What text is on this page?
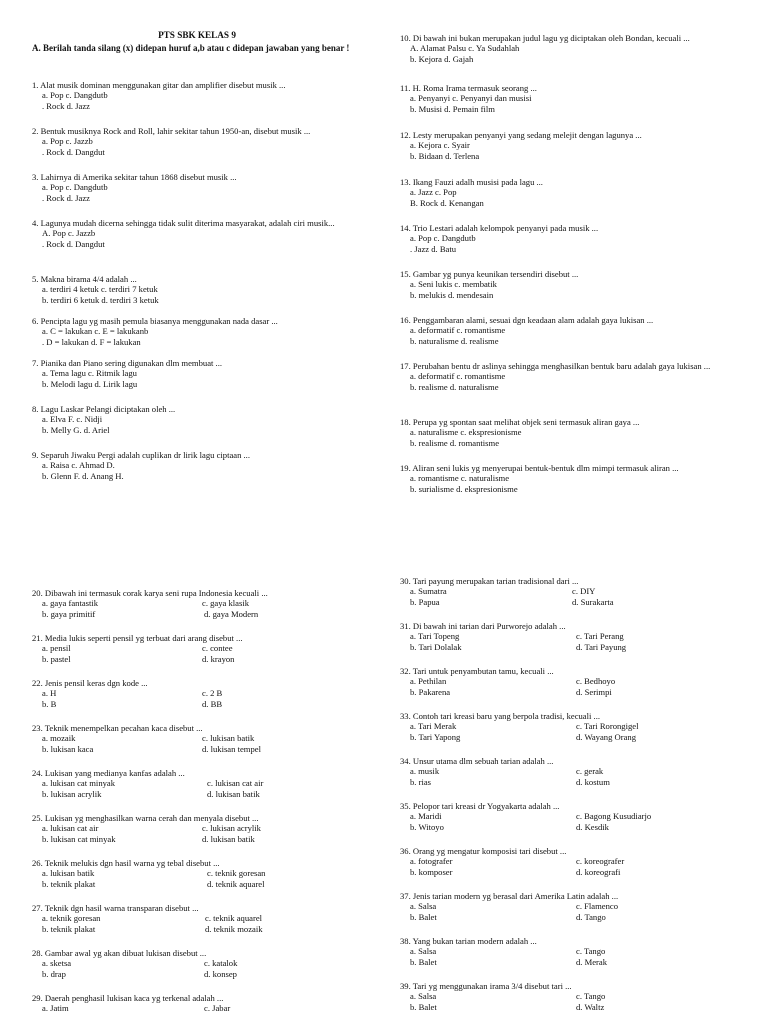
PTS SBK KELAS 9
A. Berilah tanda silang (x) didepan huruf a,b atau c didepan jawaban yang benar !
1. Alat musik dominan menggunakan gitar dan amplifier disebut musik ...
a. Pop c. Dangdutb
. Rock d. Jazz
2. Bentuk musiknya Rock and Roll, lahir sekitar tahun 1950-an, disebut musik ...
a. Pop c. Jazzb
. Rock d. Dangdut
3. Lahirnya di Amerika sekitar tahun 1868 disebut musik ...
a. Pop c. Dangdutb
. Rock d. Jazz
4. Lagunya mudah dicerna sehingga tidak sulit diterima masyarakat, adalah ciri musik...
A. Pop c. Jazzb
. Rock d. Dangdut
5. Makna birama 4/4 adalah ...
a. terdiri 4 ketuk c. terdiri 7 ketuk
b. terdiri 6 ketuk d. terdiri 3 ketuk
6. Pencipta lagu yg masih pemula biasanya menggunakan nada dasar ...
a. C = lakukan c. E = lakukanb
. D = lakukan d. F = lakukan
7. Pianika dan Piano sering digunakan dlm membuat ...
a. Tema lagu c. Ritmik lagu
b. Melodi lagu d. Lirik lagu
8. Lagu Laskar Pelangi diciptakan oleh ...
a. Elva F. c. Nidji
b. Melly G. d. Ariel
9. Separuh Jiwaku Pergi adalah cuplikan dr lirik lagu ciptaan ...
a. Raisa c. Ahmad D.
b. Glenn F. d. Anang H.
10. Di bawah ini bukan merupakan judul lagu yg diciptakan oleh Bondan, kecuali ...
A. Alamat Palsu c. Ya Sudahlah
b. Kejora d. Gajah
11. H. Roma Irama termasuk seorang ...
a. Penyanyi c. Penyanyi dan musisi
b. Musisi d. Pemain film
12. Lesty merupakan penyanyi yang sedang melejit dengan lagunya ...
a. Kejora c. Syair
b. Bidaan d. Terlena
13. Ikang Fauzi adalh musisi pada lagu ...
a. Jazz c. Pop
B. Rock d. Kenangan
14. Trio Lestari adalah kelompok penyanyi pada musik ...
a. Pop c. Dangdutb
. Jazz d. Batu
15. Gambar yg punya keunikan tersendiri disebut ...
a. Seni lukis c. membatik
b. melukis d. mendesain
16. Penggambaran alami, sesuai dgn keadaan alam adalah gaya lukisan ...
a. deformatif c. romantisme
b. naturalisme d. realisme
17. Perubahan bentu dr aslinya sehingga menghasilkan bentuk baru adalah gaya lukisan ...
a. deformatif c. romantisme
b. realisme d. naturalisme
18. Perupa yg spontan saat melihat objek seni termasuk aliran gaya ...
a. naturalisme c. ekspresionisme
b. realisme d. romantisme
19. Aliran seni lukis yg menyerupai bentuk-bentuk dlm mimpi termasuk aliran ...
a. romantisme c. naturalisme
b. surialisme d. ekspresionisme
20. Dibawah ini termasuk corak karya seni rupa Indonesia kecuali ...
a. gaya fantastik	c. gaya klasik
b. gaya primitif	d. gaya Modern
21. Media lukis seperti pensil yg terbuat dari arang disebut ...
a. pensil	c. contee
b. pastel	d. krayon
22. Jenis pensil keras dgn kode ...
a. H	c. 2 B
b. B	d. BB
23. Teknik menempelkan pecahan kaca disebut ...
a. mozaik	c. lukisan batik
b. lukisan kaca	d. lukisan tempel
24. Lukisan yang medianya kanfas adalah ...
a. lukisan cat minyak	c. lukisan cat air
b. lukisan acrylik	d. lukisan batik
25. Lukisan yg menghasilkan warna cerah dan menyala disebut ...
a. lukisan cat air	c. lukisan acrylik
b. lukisan cat minyak	d. lukisan batik
26. Teknik melukis dgn hasil warna yg tebal disebut ...
a. lukisan batik	c. teknik goresan
b. teknik plakat	d. teknik aquarel
27. Teknik dgn hasil warna transparan disebut ...
a. teknik goresan	c. teknik aquarel
b. teknik plakat	d. teknik mozaik
28. Gambar awal yg akan dibuat lukisan disebut ...
a. sketsa	c. katalok
b. drap	d. konsep
29. Daerah penghasil lukisan kaca yg terkenal adalah ...
a. Jatim	c. Jabar
30. Tari payung merupakan tarian tradisional dari ...
a. Sumatra	c. DIY
b. Papua	d. Surakarta
31. Di bawah ini tarian dari Purworejo adalah ...
a. Tari Topeng	c. Tari Perang
b. Tari Dolalak	d. Tari Payung
32. Tari untuk penyambutan tamu, kecuali ...
a. Pethilan	c. Bedhoyo
b. Pakarena	d. Serimpi
33. Contoh tari kreasi baru yang berpola tradisi, kecuali ...
a. Tari Merak	c. Tari Rorongigel
b. Tari Yapong	d. Wayang Orang
34. Unsur utama dlm sebuah tarian adalah ...
a. musik	c. gerak
b. rias	d. kostum
35. Pelopor tari kreasi dr Yogyakarta adalah ...
a. Maridi	c. Bagong Kusudiarjo
b. Witoyo	d. Kesdik
36. Orang yg mengatur komposisi tari disebut ...
a. fotografer	c. koreografer
b. komposer	d. koreografi
37. Jenis tarian modern yg berasal dari Amerika Latin adalah ...
a. Salsa	c. Flamenco
b. Balet	d. Tango
38. Yang bukan tarian modern adalah ...
a. Salsa	c. Tango
b. Balet	d. Merak
39. Tari yg menggunakan irama 3/4 disebut tari ...
a. Salsa	c. Tango
b. Balet	d. Waltz
